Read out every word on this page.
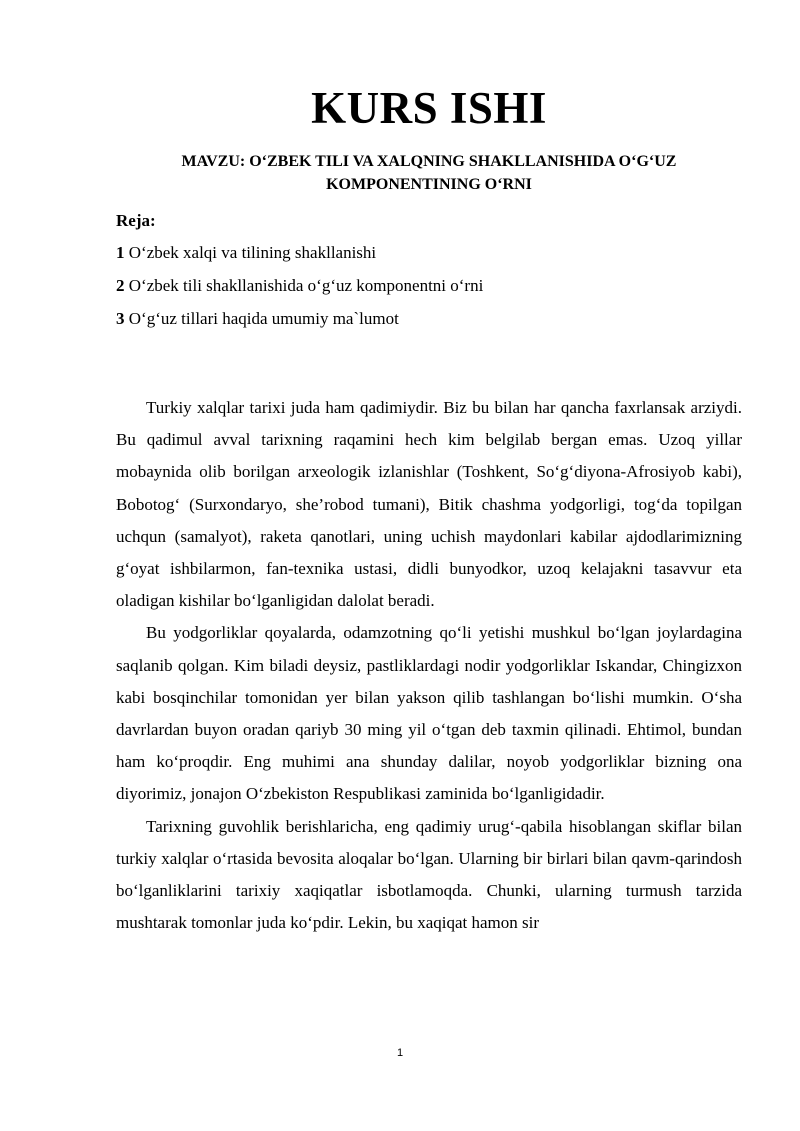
KURS ISHI
MAVZU: O‘ZBEK TILI VA XALQNING SHAKLLANISHIDA O‘G‘UZ
KOMPONENTINING O‘RNI
Reja:
1 O‘zbek xalqi va tilining shakllanishi
2 O‘zbek tili shakllanishida o‘g‘uz komponentni o‘rni
3 O‘g‘uz tillari haqida umumiy ma`lumot

Turkiy xalqlar tarixi juda ham qadimiydir. Biz bu bilan har qancha faxrlansak arziydi. Bu qadimul avval tarixning raqamini hech kim belgilab bergan emas. Uzoq yillar mobaynida olib borilgan arxeologik izlanishlar (Toshkent, So‘g‘diyona-Afrosiyob kabi), Bobotog‘ (Surxondaryo, she’robod tumani), Bitik chashma yodgorligi, tog‘da topilgan uchqun (samalyot), raketa qanotlari, uning uchish maydonlari kabilar ajdodlarimizning g‘oyat ishbilarmon, fan-texnika ustasi, didli bunyodkor, uzoq kelajakni tasavvur eta oladigan kishilar bo‘lganligidan dalolat beradi.

Bu yodgorliklar qoyalarda, odamzotning qo‘li yetishi mushkul bo‘lgan joylardagina saqlanib qolgan. Kim biladi deysiz, pastliklardagi nodir yodgorliklar Iskandar, Chingizxon kabi bosqinchilar tomonidan yer bilan yakson qilib tashlangan bo‘lishi mumkin. O‘sha davrlardan buyon oradan qariyb 30 ming yil o‘tgan deb taxmin qilinadi. Ehtimol, bundan ham ko‘proqdir. Eng muhimi ana shunday dalilar, noyob yodgorliklar bizning ona diyorimiz, jonajon O‘zbekiston Respublikasi zaminida bo‘lganligidadir.

Tarixning guvohlik berishlaricha, eng qadimiy urug‘-qabila hisoblangan skiflar bilan turkiy xalqlar o‘rtasida bevosita aloqalar bo‘lgan. Ularning bir birlari bilan qavm-qarindosh bo‘lganliklarini tarixiy xaqiqatlar isbotlamoqda. Chunki, ularning turmush tarzida mushtarak tomonlar juda ko‘pdir. Lekin, bu xaqiqat hamon sir

1
